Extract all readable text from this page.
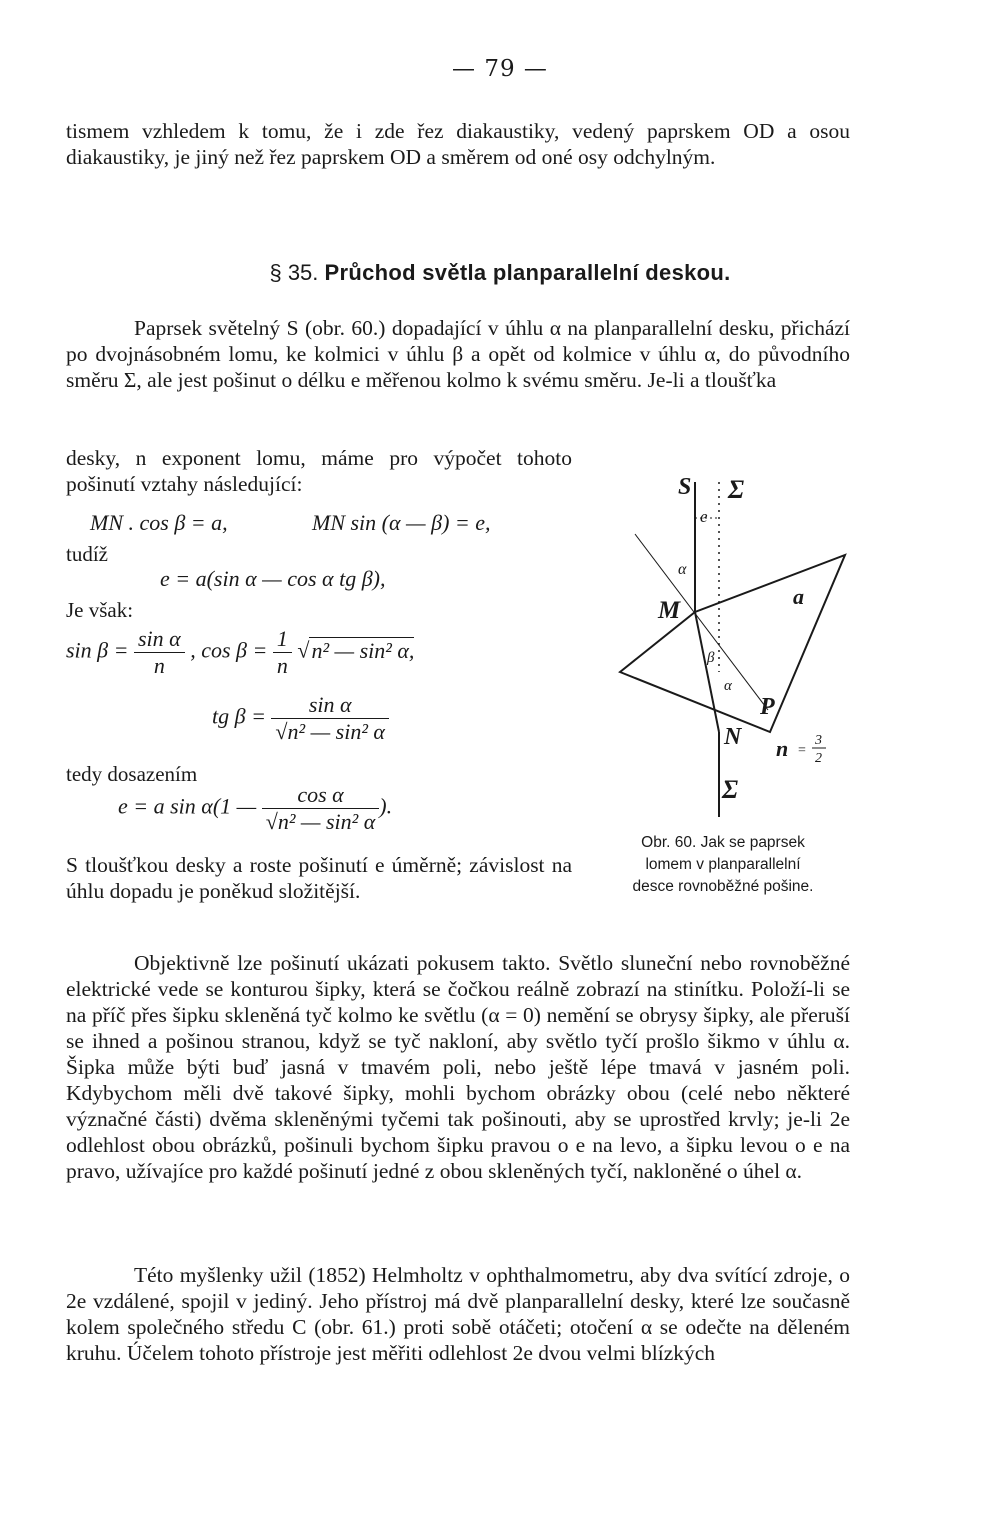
— 79 —

tismem vzhledem k tomu, že i zde řez diakaustiky, vedený paprskem OD a osou diakaustiky, je jiný než řez paprskem OD a směrem od oné osy odchylným.

§ 35. Průchod světla planparallelní deskou.

Paprsek světelný S (obr. 60.) dopadající v úhlu α na planparallelní desku, přichází po dvojnásobném lomu, ke kolmici v úhlu β a opět od kolmice v úhlu α, do původního směru Σ, ale jest pošinut o délku e měřenou kolmo k svému směru. Je-li a tloušťka

desky, n exponent lomu, máme pro výpočet tohoto pošinutí vztahy následující:

MN . cos β = a,	MN sin (α — β) = e,
tudíž
e = a(sin α — cos α tg β),
Je však:
$\sin \beta = \frac{\text{sin α}}{n}$ , $\cos \beta = \frac{1}{n} √n^2$ — sin² α,
tg $\beta = \frac{\text{sin α}}{\text{√n² — sin² α}}$
tedy dosazením
e = a sin α(1 — $\frac{\text{cos α}}{\text{√n² — sin² α}}$ ).

S tloušťkou desky a roste pošinutí e úměrně; závislost na úhlu dopadu je poněkud složitější.

S Σ
e
α
M
a
β
α
P
N n =
3
2
Σ
Obr. 60. Jak se paprsek
lomem v planparallelní
desce rovnoběžné pošine.

Objektivně lze pošinutí ukázati pokusem takto. Světlo sluneční nebo rovnoběžné elektrické vede se konturou šipky, která se čočkou reálně zobrazí na stinítku. Položí-li se na příč přes šipku skleněná tyč kolmo ke světlu (α = 0) nemění se obrysy šipky, ale přeruší se ihned a pošinou stranou, když se tyč nakloní, aby světlo tyčí prošlo šikmo v úhlu α. Šipka může býti buď jasná v tmavém poli, nebo ještě lépe tmavá v jasném poli. Kdybychom měli dvě takové šipky, mohli bychom obrázky obou (celé nebo některé význačné části) dvěma skleněnými tyčemi tak pošinouti, aby se uprostřed krvly; je-li 2e odlehlost obou obrázků, pošinuli bychom šipku pravou o e na levo, a šipku levou o e na pravo, užívajíce pro každé pošinutí jedné z obou skleněných tyčí, nakloněné o úhel α.

Této myšlenky užil (1852) Helmholtz v ophthalmometru, aby dva svítící zdroje, o 2e vzdálené, spojil v jediný. Jeho přístroj má dvě planparallelní desky, které lze současně kolem společného středu C (obr. 61.) proti sobě otáčeti; otočení α se odečte na děleném kruhu. Účelem tohoto přístroje jest měřiti odlehlost 2e dvou velmi blízkých
